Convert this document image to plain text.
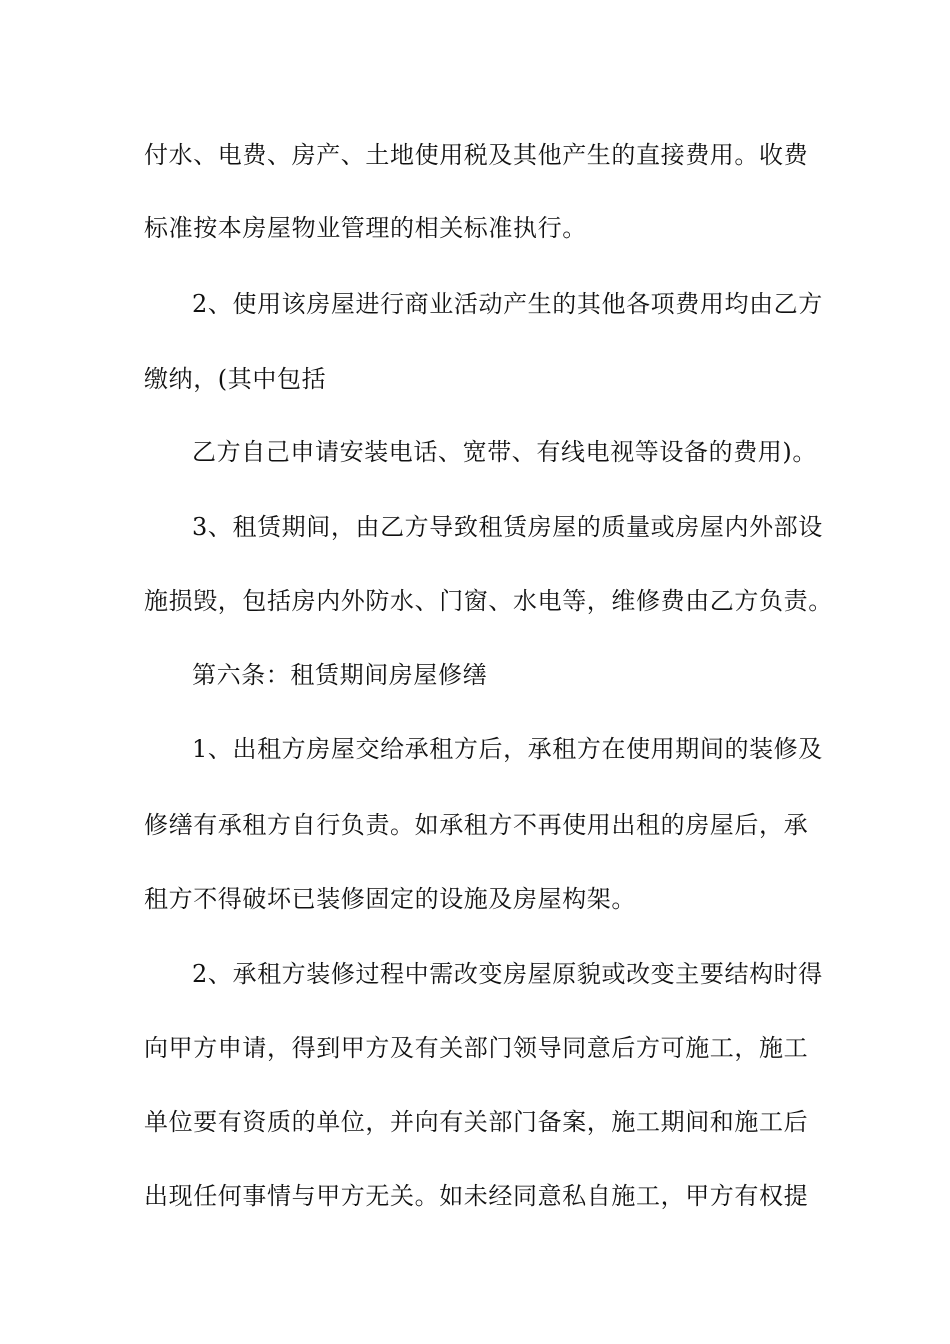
付水、电费、房产、土地使用税及其他产生的直接费用。收费
标准按本房屋物业管理的相关标准执行。
2、使用该房屋进行商业活动产生的其他各项费用均由乙方
缴纳，(其中包括
乙方自己申请安装电话、宽带、有线电视等设备的费用)。
3、租赁期间，由乙方导致租赁房屋的质量或房屋内外部设
施损毁，包括房内外防水、门窗、水电等，维修费由乙方负责。
第六条：租赁期间房屋修缮
1、出租方房屋交给承租方后，承租方在使用期间的装修及
修缮有承租方自行负责。如承租方不再使用出租的房屋后，承
租方不得破坏已装修固定的设施及房屋构架。
2、承租方装修过程中需改变房屋原貌或改变主要结构时得
向甲方申请，得到甲方及有关部门领导同意后方可施工，施工
单位要有资质的单位，并向有关部门备案，施工期间和施工后
出现任何事情与甲方无关。如未经同意私自施工，甲方有权提
